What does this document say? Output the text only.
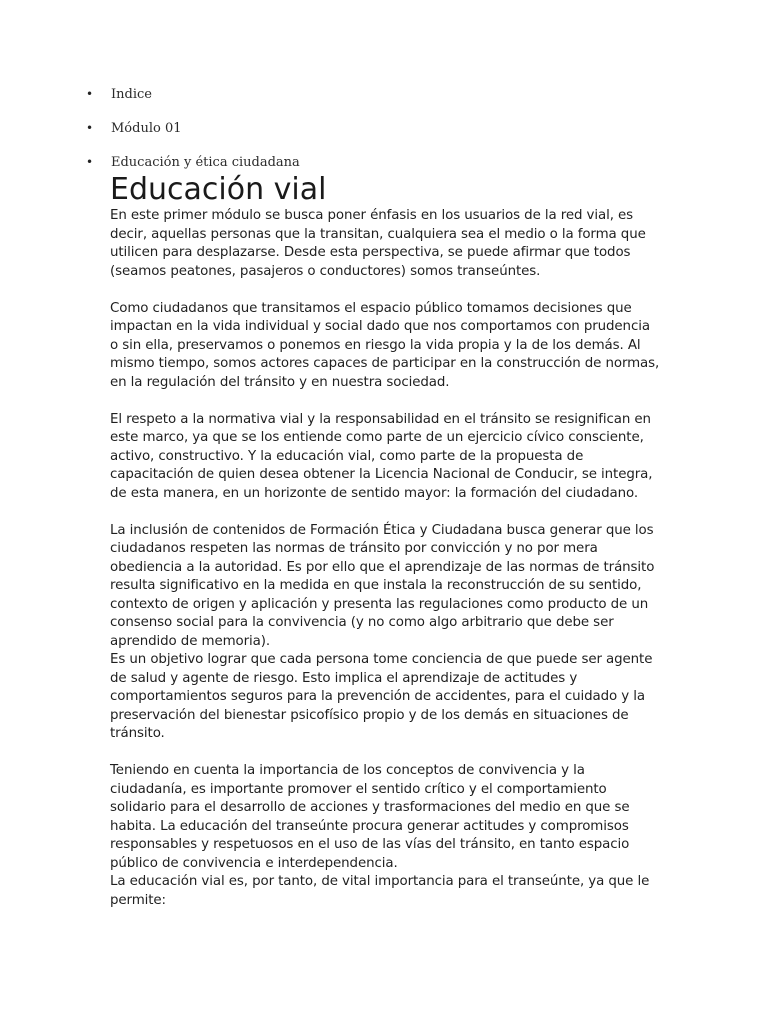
• Indice
• Módulo 01
• Educación y ética ciudadana
Educación vial

En este primer módulo se busca poner énfasis en los usuarios de la red vial, es decir, aquellas personas que la transitan, cualquiera sea el medio o la forma que utilicen para desplazarse. Desde esta perspectiva, se puede afirmar que todos (seamos peatones, pasajeros o conductores) somos transeúntes.

Como ciudadanos que transitamos el espacio público tomamos decisiones que impactan en la vida individual y social dado que nos comportamos con prudencia o sin ella, preservamos o ponemos en riesgo la vida propia y la de los demás. Al mismo tiempo, somos actores capaces de participar en la construcción de normas, en la regulación del tránsito y en nuestra sociedad.

El respeto a la normativa vial y la responsabilidad en el tránsito se resignifican en este marco, ya que se los entiende como parte de un ejercicio cívico consciente, activo, constructivo. Y la educación vial, como parte de la propuesta de capacitación de quien desea obtener la Licencia Nacional de Conducir, se integra, de esta manera, en un horizonte de sentido mayor: la formación del ciudadano.

La inclusión de contenidos de Formación Ética y Ciudadana busca generar que los ciudadanos respeten las normas de tránsito por convicción y no por mera obediencia a la autoridad. Es por ello que el aprendizaje de las normas de tránsito resulta significativo en la medida en que instala la reconstrucción de su sentido, contexto de origen y aplicación y presenta las regulaciones como producto de un consenso social para la convivencia (y no como algo arbitrario que debe ser aprendido de memoria).

Es un objetivo lograr que cada persona tome conciencia de que puede ser agente de salud y agente de riesgo. Esto implica el aprendizaje de actitudes y comportamientos seguros para la prevención de accidentes, para el cuidado y la preservación del bienestar psicofísico propio y de los demás en situaciones de tránsito.

Teniendo en cuenta la importancia de los conceptos de convivencia y la ciudadanía, es importante promover el sentido crítico y el comportamiento solidario para el desarrollo de acciones y trasformaciones del medio en que se habita. La educación del transeúnte procura generar actitudes y compromisos responsables y respetuosos en el uso de las vías del tránsito, en tanto espacio público de convivencia e interdependencia.

La educación vial es, por tanto, de vital importancia para el transeúnte, ya que le permite:
